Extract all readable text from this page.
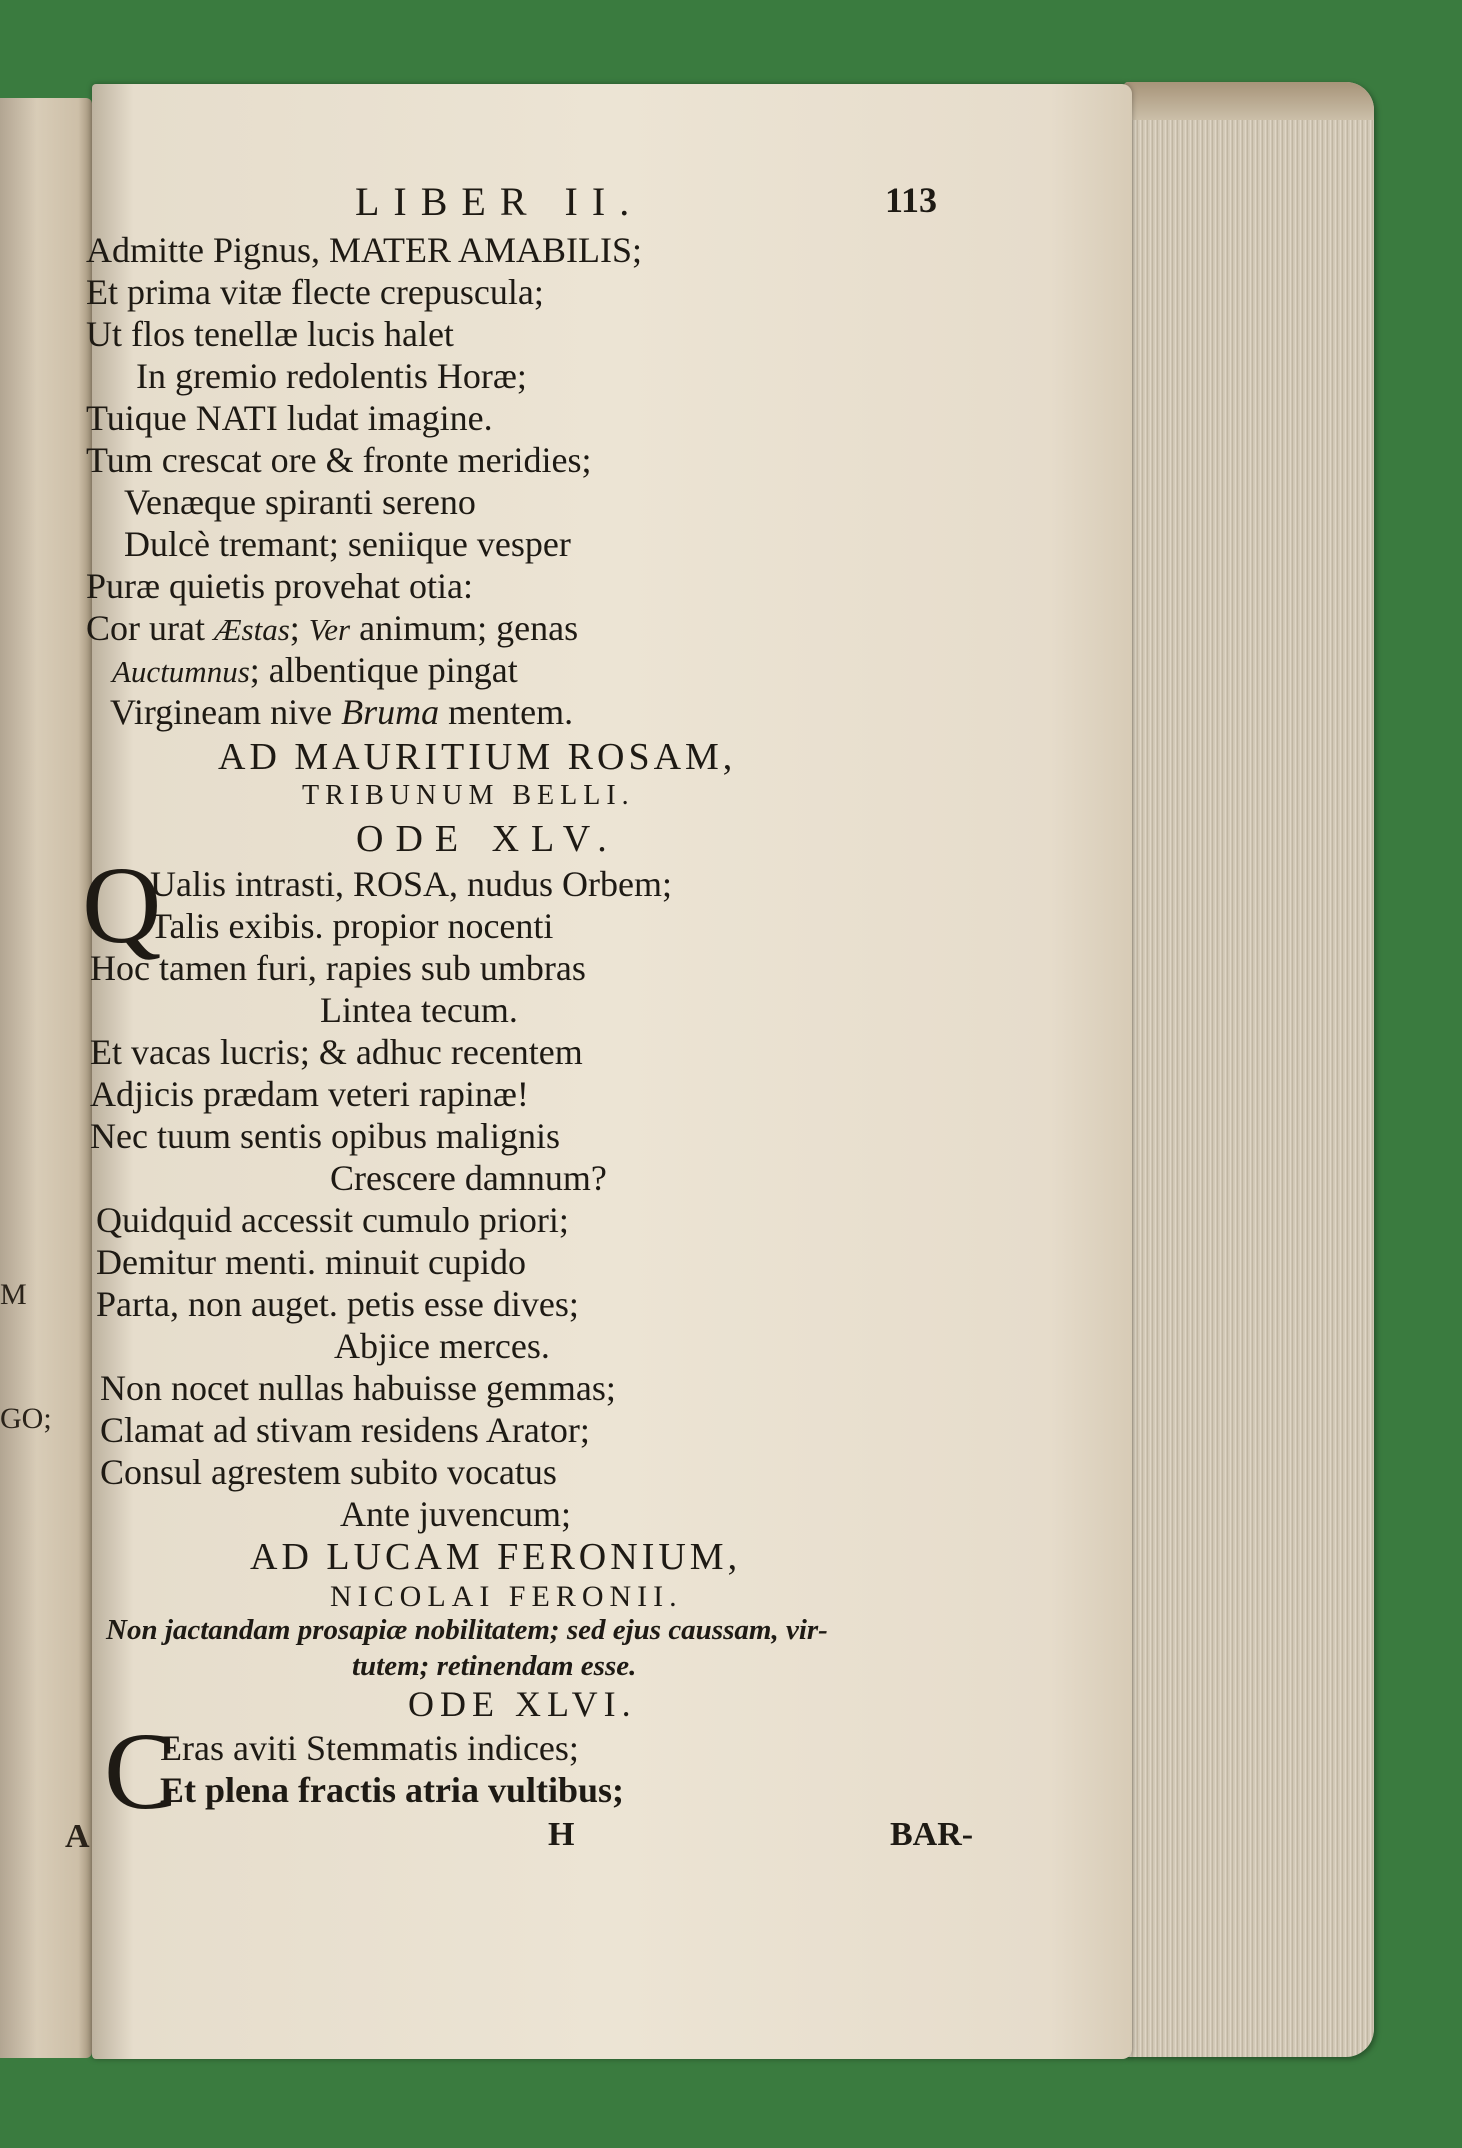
M
GO;
A
LIBER II.	113
Admitte Pignus, MATER AMABILIS;
Et prima vitæ flecte crepuscula;
Ut flos tenellæ lucis halet
In gremio redolentis Horæ;
Tuique NATI ludat imagine.
Tum crescat ore & fronte meridies;
Venæque spiranti sereno
Dulcè tremant; seniique vesper
Puræ quietis provehat otia:
Cor urat Æstas; Ver animum; genas
Auctumnus; albentique pingat
Virgineam nive Bruma mentem.
AD MAURITIUM ROSAM,
TRIBUNUM BELLI.
ODE XLV.
Q
Ualis intrasti, ROSA, nudus Orbem;
Talis exibis. propior nocenti
Hoc tamen furi, rapies sub umbras
Lintea tecum.
Et vacas lucris; & adhuc recentem
Adjicis prædam veteri rapinæ!
Nec tuum sentis opibus malignis
Crescere damnum?
Quidquid accessit cumulo priori;
Demitur menti. minuit cupido
Parta, non auget. petis esse dives;
Abjice merces.
Non nocet nullas habuisse gemmas;
Clamat ad stivam residens Arator;
Consul agrestem subito vocatus
Ante juvencum;
AD LUCAM FERONIUM,
NICOLAI FERONII.
Non jactandam prosapiæ nobilitatem; sed ejus caussam, vir-
tutem; retinendam esse.
ODE XLVI.
C
Eras aviti Stemmatis indices;
Et plena fractis atria vultibus;
H	BAR-
